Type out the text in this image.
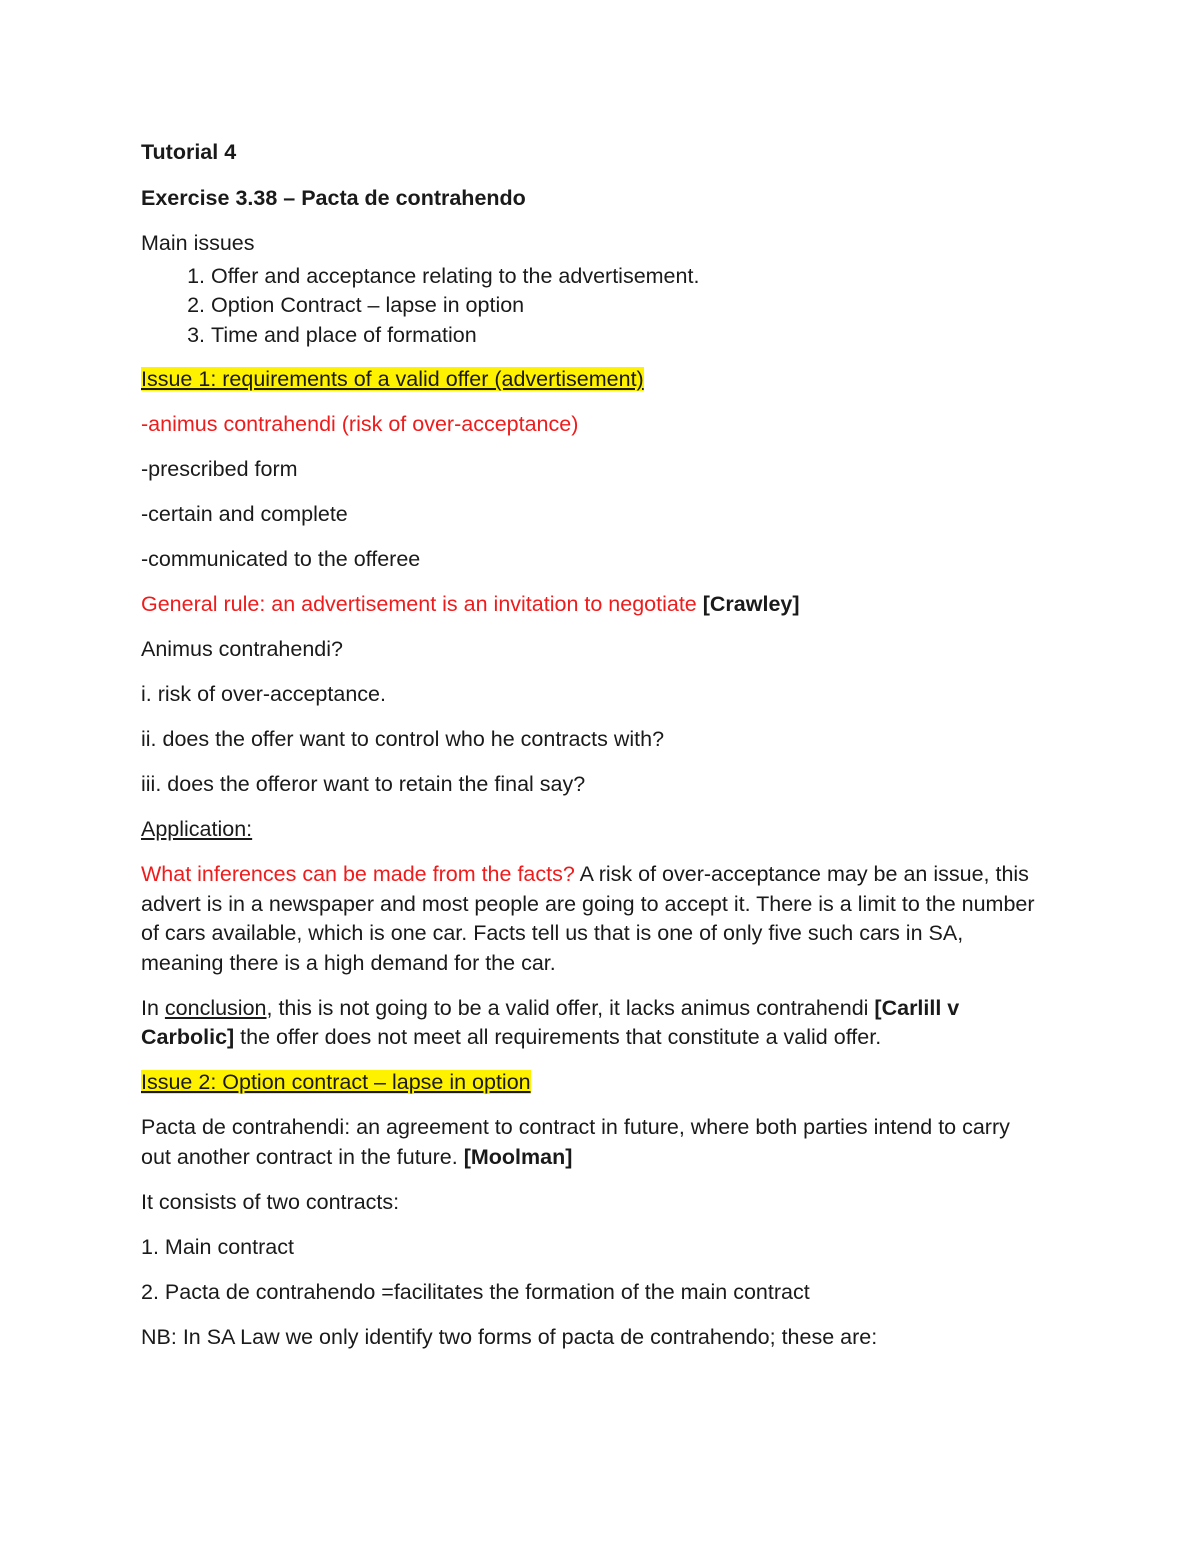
Tutorial 4

Exercise 3.38 – Pacta de contrahendo

Main issues

1. Offer and acceptance relating to the advertisement.
2. Option Contract – lapse in option
3. Time and place of formation

Issue 1: requirements of a valid offer (advertisement)

-animus contrahendi (risk of over-acceptance)

-prescribed form

-certain and complete

-communicated to the offeree

General rule: an advertisement is an invitation to negotiate [Crawley]

Animus contrahendi?

i. risk of over-acceptance.

ii. does the offer want to control who he contracts with?

iii. does the offeror want to retain the final say?

Application:

What inferences can be made from the facts? A risk of over-acceptance may be an issue, this advert is in a newspaper and most people are going to accept it. There is a limit to the number of cars available, which is one car. Facts tell us that is one of only five such cars in SA, meaning there is a high demand for the car.

In conclusion, this is not going to be a valid offer, it lacks animus contrahendi [Carlill v Carbolic] the offer does not meet all requirements that constitute a valid offer.

Issue 2: Option contract – lapse in option

Pacta de contrahendi: an agreement to contract in future, where both parties intend to carry out another contract in the future. [Moolman]

It consists of two contracts:

1. Main contract

2. Pacta de contrahendo =facilitates the formation of the main contract

NB: In SA Law we only identify two forms of pacta de contrahendo; these are:
